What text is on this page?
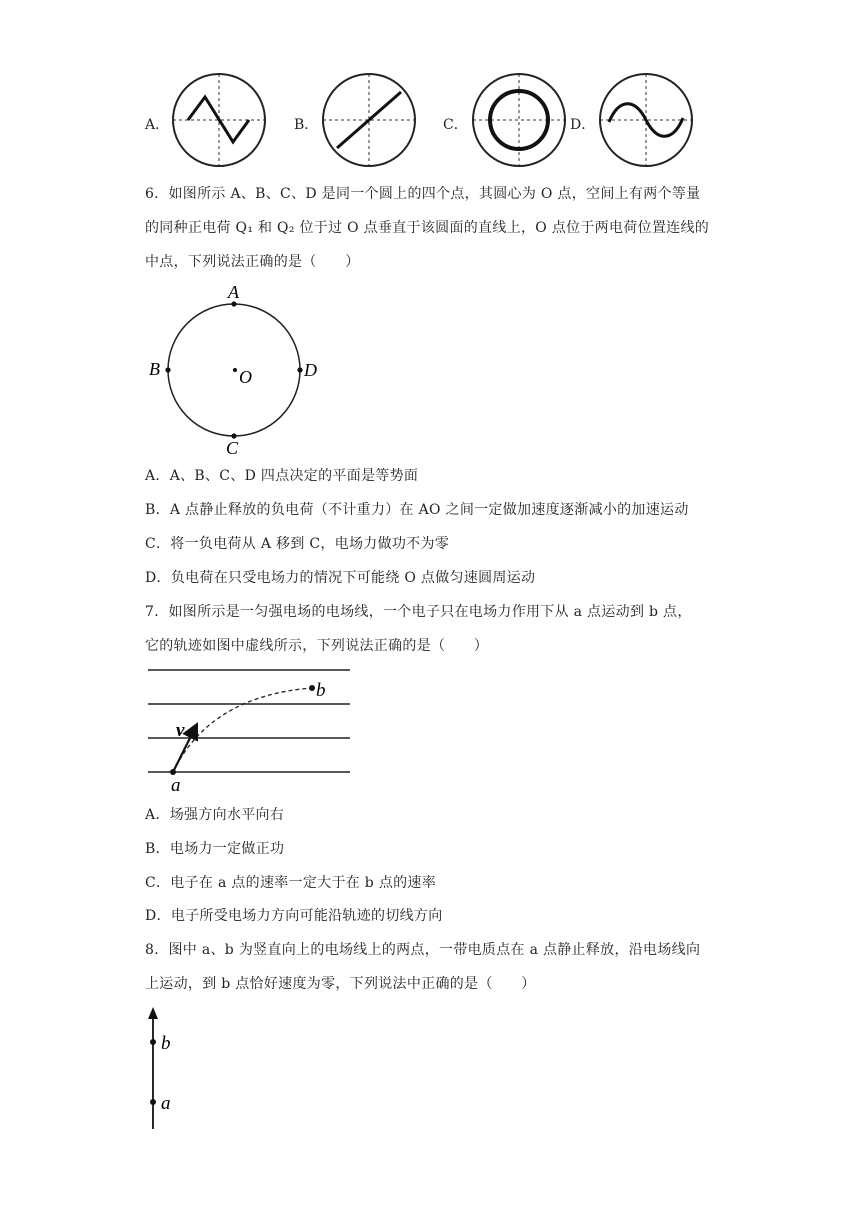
A．	B．	C．	D．
6．如图所示 A、B、C、D 是同一个圆上的四个点，其圆心为 O 点，空间上有两个等量
的同种正电荷 Q₁ 和 Q₂ 位于过 O 点垂直于该圆面的直线上，O 点位于两电荷位置连线的
中点，下列说法正确的是（　　）
A
B	D
C
O
A．A、B、C、D 四点决定的平面是等势面
B．A 点静止释放的负电荷（不计重力）在 AO 之间一定做加速度逐渐减小的加速运动
C．将一负电荷从 A 移到 C，电场力做功不为零
D．负电荷在只受电场力的情况下可能绕 O 点做匀速圆周运动
7．如图所示是一匀强电场的电场线，一个电子只在电场力作用下从 a 点运动到 b 点，
它的轨迹如图中虚线所示，下列说法正确的是（　　）
v
a
b
A．场强方向水平向右
B．电场力一定做正功
C．电子在 a 点的速率一定大于在 b 点的速率
D．电子所受电场力方向可能沿轨迹的切线方向
8．图中 a、b 为竖直向上的电场线上的两点，一带电质点在 a 点静止释放，沿电场线向
上运动，到 b 点恰好速度为零，下列说法中正确的是（　　）
b
a
